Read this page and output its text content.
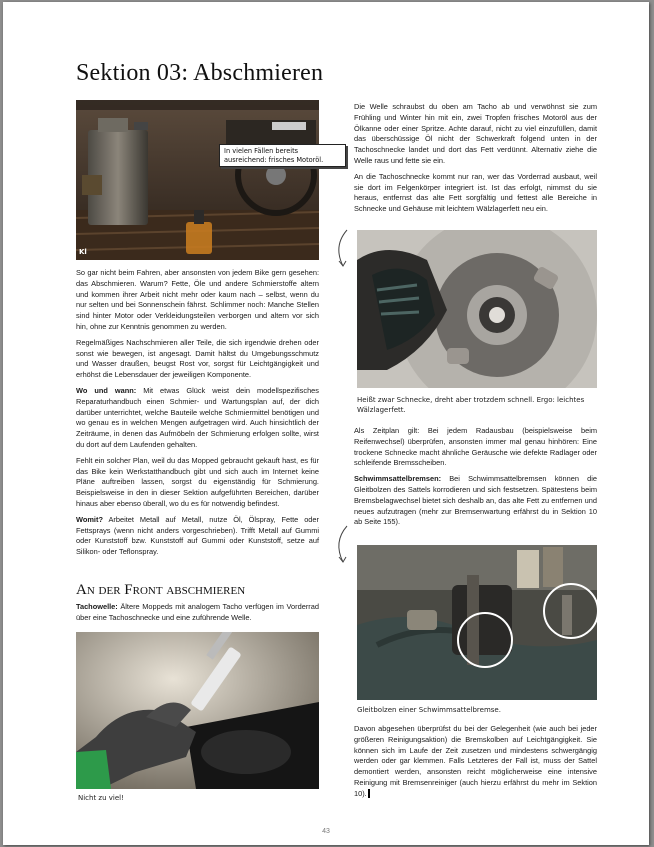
Sektion 03: Abschmieren
In vielen Fällen bereits ausreichend: frisches Motoröl.
Kl

So gar nicht beim Fahren, aber ansonsten von jedem Bike gern gesehen: das Abschmieren. Warum? Fette, Öle und andere Schmierstoffe altern und kommen ihrer Arbeit nicht mehr oder kaum nach – selbst, wenn du nur selten und bei Sonnenschein fährst. Schlimmer noch: Manche Stellen sind hinter Motor oder Verkleidungsteilen verborgen und altern vor sich hin, ohne zur Kenntnis genommen zu werden.

Regelmäßiges Nachschmieren aller Teile, die sich irgendwie drehen oder sonst wie bewegen, ist angesagt. Damit hältst du Umgebungsschmutz und Wasser draußen, beugst Rost vor, sorgst für Leichtgängigkeit und erhöhst die Lebensdauer der jeweiligen Komponente.

Wo und wann: Mit etwas Glück weist dein modellspezifisches Reparaturhandbuch einen Schmier- und Wartungsplan auf, der dich darüber unterrichtet, welche Bauteile welche Schmiermittel benötigen und wo genau es in welchen Mengen aufgetragen wird. Auch hinsichtlich der Zeiträume, in denen das Aufmöbeln der Schmierung erfolgen sollte, wirst du dort auf dem Laufenden gehalten.

Fehlt ein solcher Plan, weil du das Mopped gebraucht gekauft hast, es für das Bike kein Werkstatthandbuch gibt und sich auch im Internet keine Pläne auftreiben lassen, sorgst du eigenständig für Schmierung. Beispielsweise in den in dieser Sektion aufgeführten Bereichen, darüber hinaus aber ebenso überall, wo du es für notwendig befindest.

Womit? Arbeitet Metall auf Metall, nutze Öl, Ölspray, Fette oder Fettsprays (wenn nicht anders vorgeschrieben). Trifft Metall auf Gummi oder Kunststoff bzw. Kunststoff auf Gummi oder Kunststoff, setze auf Silikon- oder Teflonspray.

An der Front abschmieren

Tachowelle: Ältere Moppeds mit analogem Tacho verfügen im Vorderrad über eine Tachoschnecke und eine zuführende Welle.

Nicht zu viel!

Die Welle schraubst du oben am Tacho ab und verwöhnst sie zum Frühling und Winter hin mit ein, zwei Tropfen frisches Motoröl aus der Ölkanne oder einer Spritze. Achte darauf, nicht zu viel einzufüllen, damit das überschüssige Öl nicht der Schwerkraft folgend unten in der Tachoschnecke landet und dort das Fett verdünnt. Alternativ ziehe die Welle raus und fette sie ein.

An die Tachoschnecke kommt nur ran, wer das Vorderrad ausbaut, weil sie dort im Felgenkörper integriert ist. Ist das erfolgt, nimmst du sie heraus, entfernst das alte Fett sorgfältig und fettest alle Bereiche in Schnecke und Gehäuse mit leichtem Wälzlagerfett neu ein.

Heißt zwar Schnecke, dreht aber trotzdem schnell. Ergo: leichtes Wälzlagerfett.

Als Zeitplan gilt: Bei jedem Radausbau (beispielsweise beim Reifenwechsel) überprüfen, ansonsten immer mal genau hinhören: Eine trockene Schnecke macht ähnliche Geräusche wie defekte Radlager oder schleifende Bremsscheiben.

Schwimmsattelbremsen: Bei Schwimmsattelbremsen können die Gleitbolzen des Sattels korrodieren und sich festsetzen. Spätestens beim Bremsbelagwechsel bietet sich deshalb an, das alte Fett zu entfernen und neues aufzutragen (mehr zur Bremsenwartung erfährst du in Sektion 10 ab Seite 155).

Gleitbolzen einer Schwimmsattelbremse.

Davon abgesehen überprüfst du bei der Gelegenheit (wie auch bei jeder größeren Reinigungsaktion) die Bremskolben auf Leichtgängigkeit. Sie können sich im Laufe der Zeit zusetzen und mindestens schwergängig werden oder gar klemmen. Falls Letzteres der Fall ist, muss der Sattel demontiert werden, ansonsten reicht möglicherweise eine intensive Reinigung mit Bremsenreiniger (auch hierzu erfährst du mehr im Sektion 10).

43
